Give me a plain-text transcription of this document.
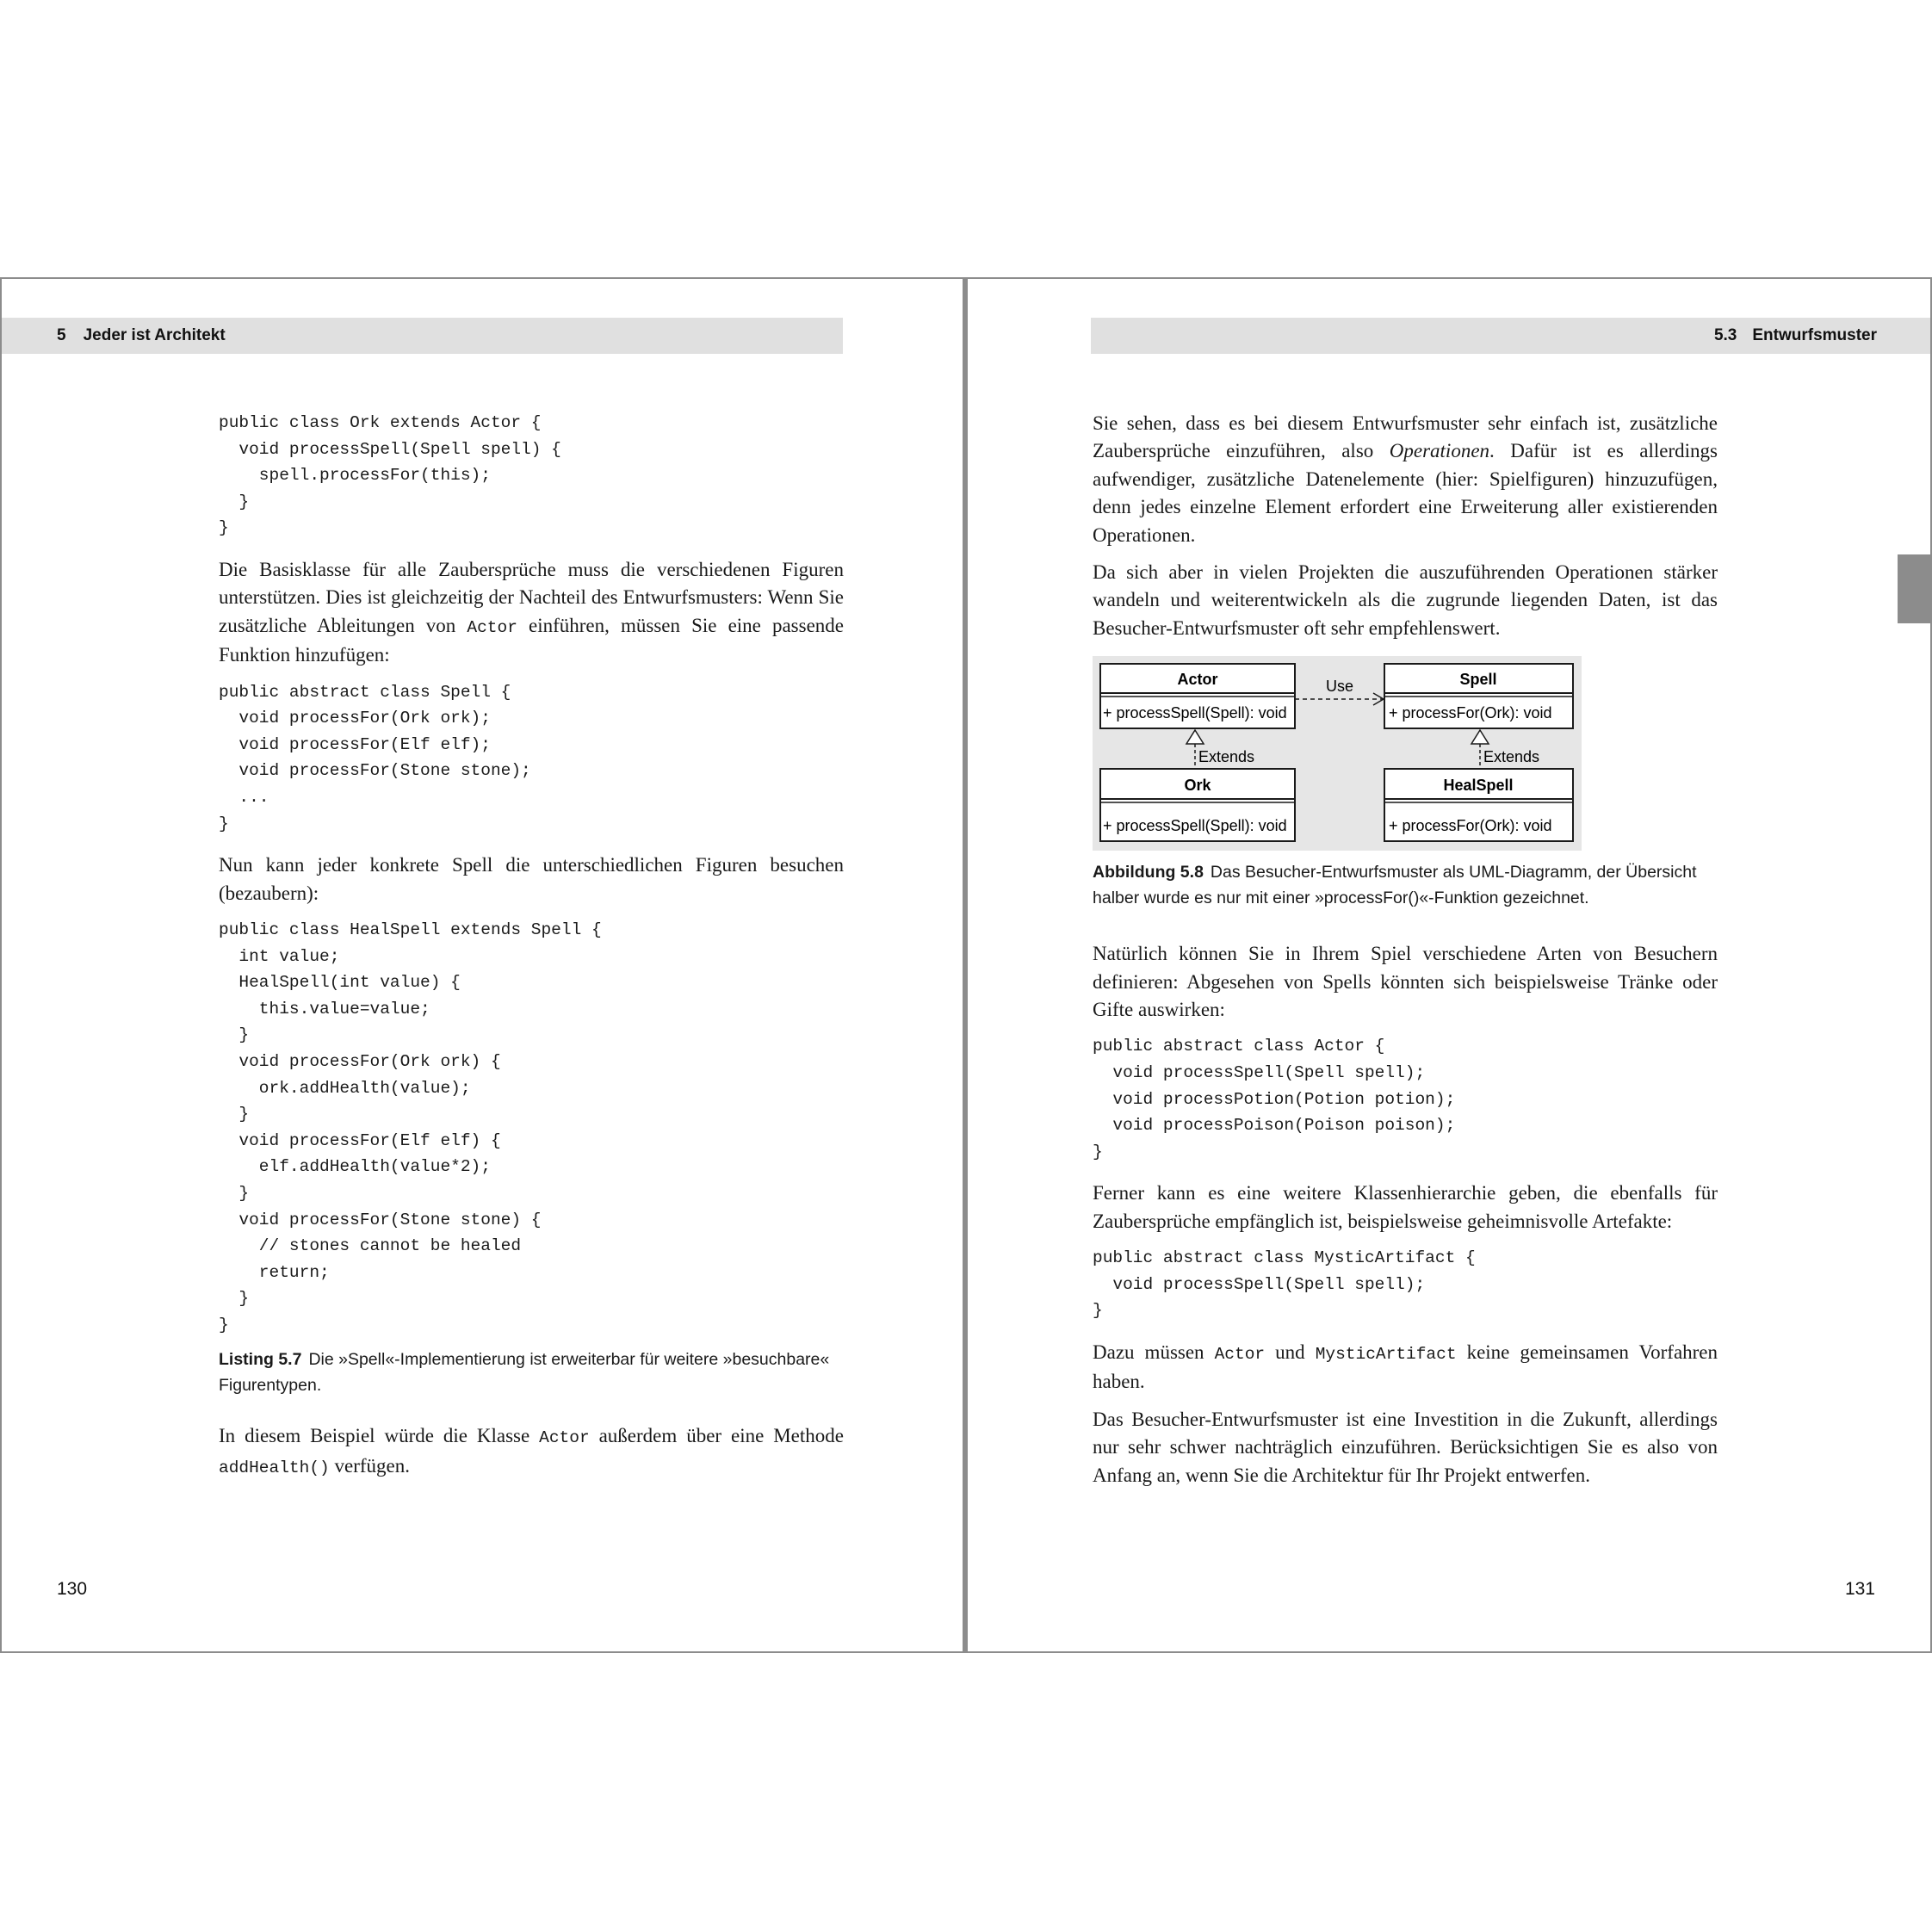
5 Jeder ist Architekt
public class Ork extends Actor {
void processSpell(Spell spell) {
spell.processFor(this);
}
}

Die Basisklasse für alle Zaubersprüche muss die verschiedenen Figuren unterstützen. Dies ist gleichzeitig der Nachteil des Entwurfsmusters: Wenn Sie zusätzliche Ableitungen von Actor einführen, müssen Sie eine passende Funktion hinzufügen:

public abstract class Spell {
void processFor(Ork ork);
void processFor(Elf elf);
void processFor(Stone stone);
...
}

Nun kann jeder konkrete Spell die unterschiedlichen Figuren besuchen (bezaubern):

public class HealSpell extends Spell {
int value;
HealSpell(int value) {
this.value=value;
}
void processFor(Ork ork) {
ork.addHealth(value);
}
void processFor(Elf elf) {
elf.addHealth(value*2);
}
void processFor(Stone stone) {
// stones cannot be healed
return;
}
}
Listing 5.7 Die »Spell«-Implementierung ist erweiterbar für weitere »besuchbare« Figurentypen.

In diesem Beispiel würde die Klasse Actor außerdem über eine Methode addHealth() verfügen.

130
5.3 Entwurfsmuster

Sie sehen, dass es bei diesem Entwurfsmuster sehr einfach ist, zusätzliche Zaubersprüche einzuführen, also Operationen. Dafür ist es allerdings aufwendiger, zusätzliche Datenelemente (hier: Spielfiguren) hinzuzufügen, denn jedes einzelne Element erfordert eine Erweiterung aller existierenden Operationen.

Da sich aber in vielen Projekten die auszuführenden Operationen stärker wandeln und weiterentwickeln als die zugrunde liegenden Daten, ist das Besucher-Entwurfsmuster oft sehr empfehlenswert.

Actor
+ processSpell(Spell): void
Spell
+ processFor(Ork): void
Ork
+ processSpell(Spell): void
HealSpell
+ processFor(Ork): void
Use
Extends	Extends
Abbildung 5.8 Das Besucher-Entwurfsmuster als UML-Diagramm, der Übersicht halber wurde es nur mit einer »processFor()«-Funktion gezeichnet.

Natürlich können Sie in Ihrem Spiel verschiedene Arten von Besuchern definieren: Abgesehen von Spells könnten sich beispielsweise Tränke oder Gifte auswirken:

public abstract class Actor {
void processSpell(Spell spell);
void processPotion(Potion potion);
void processPoison(Poison poison);
}

Ferner kann es eine weitere Klassenhierarchie geben, die ebenfalls für Zaubersprüche empfänglich ist, beispielsweise geheimnisvolle Artefakte:

public abstract class MysticArtifact {
void processSpell(Spell spell);
}

Dazu müssen Actor und MysticArtifact keine gemeinsamen Vorfahren haben.

Das Besucher-Entwurfsmuster ist eine Investition in die Zukunft, allerdings nur sehr schwer nachträglich einzuführen. Berücksichtigen Sie es also von Anfang an, wenn Sie die Architektur für Ihr Projekt entwerfen.

131
